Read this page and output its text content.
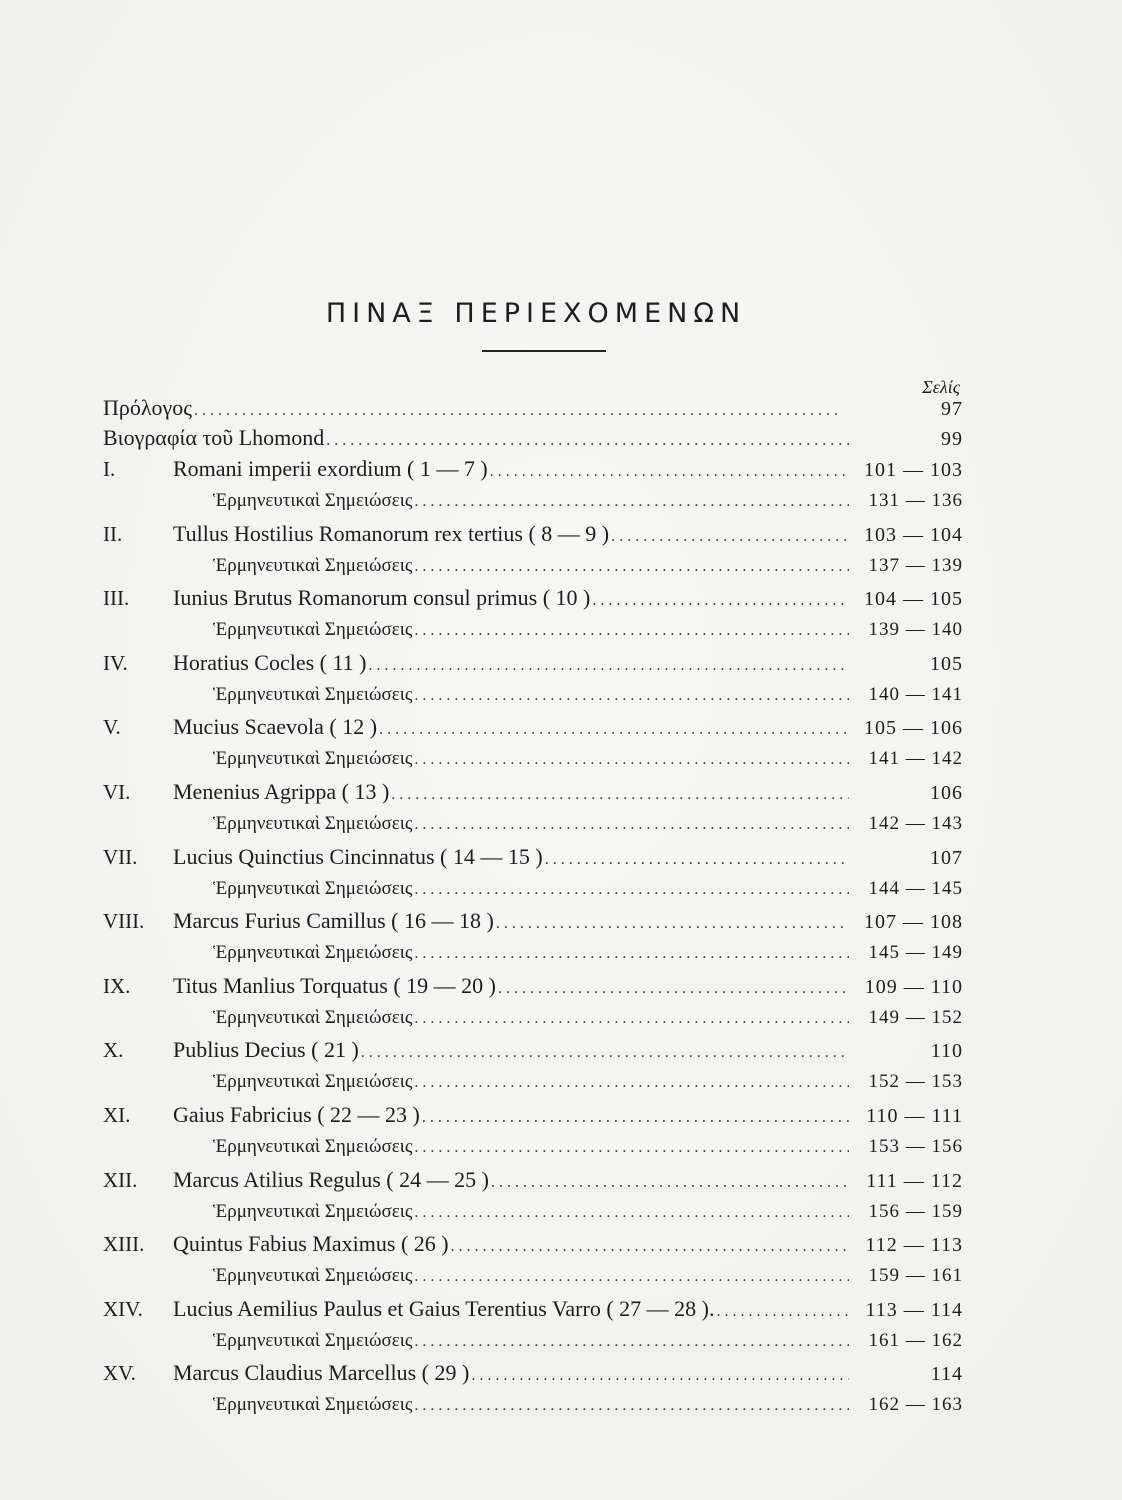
ΠΙΝΑΞ ΠΕΡΙΕΧΟΜΕΝΩΝ
Σελίς
Πρόλογος . . .	97
Βιογραφία τοῦ Lhomond . . .	99
I.	Romani imperii exordium ( 1 — 7 ) . . .	101 — 103
Ἑρμηνευτικαὶ Σημειώσεις . . .	131 — 136
II.	Tullus Hostilius Romanorum rex tertius ( 8 — 9 ) . . .	103 — 104
Ἑρμηνευτικαὶ Σημειώσεις . . .	137 — 139
III.	Iunius Brutus Romanorum consul primus ( 10 ) . . .	104 — 105
Ἑρμηνευτικαὶ Σημειώσεις . . .	139 — 140
IV.	Horatius Cocles ( 11 ) . . .	105
Ἑρμηνευτικαὶ Σημειώσεις . . .	140 — 141
V.	Mucius Scaevola ( 12 ) . . .	105 — 106
Ἑρμηνευτικαὶ Σημειώσεις . . .	141 — 142
VI.	Menenius Agrippa ( 13 ) . . .	106
Ἑρμηνευτικαὶ Σημειώσεις . . .	142 — 143
VII.	Lucius Quinctius Cincinnatus ( 14 — 15 ) . . .	107
Ἑρμηνευτικαὶ Σημειώσεις . . .	144 — 145
VIII.	Marcus Furius Camillus ( 16 — 18 ) . . .	107 — 108
Ἑρμηνευτικαὶ Σημειώσεις . . .	145 — 149
IX.	Titus Manlius Torquatus ( 19 — 20 ) . . .	109 — 110
Ἑρμηνευτικαὶ Σημειώσεις . . .	149 — 152
X.	Publius Decius ( 21 ) . . .	110
Ἑρμηνευτικαὶ Σημειώσεις . . .	152 — 153
XI.	Gaius Fabricius ( 22 — 23 ) . . .	110 — 111
Ἑρμηνευτικαὶ Σημειώσεις . . .	153 — 156
XII.	Marcus Atilius Regulus ( 24 — 25 ) . . .	111 — 112
Ἑρμηνευτικαὶ Σημειώσεις . . .	156 — 159
XIII.	Quintus Fabius Maximus ( 26 ) . . .	112 — 113
Ἑρμηνευτικαὶ Σημειώσεις . . .	159 — 161
XIV.	Lucius Aemilius Paulus et Gaius Terentius Varro ( 27 — 28 ). . . .	113 — 114
Ἑρμηνευτικαὶ Σημειώσεις . . .	161 — 162
XV.	Marcus Claudius Marcellus ( 29 ) . . .	114
Ἑρμηνευτικαὶ Σημειώσεις . . .	162 — 163
